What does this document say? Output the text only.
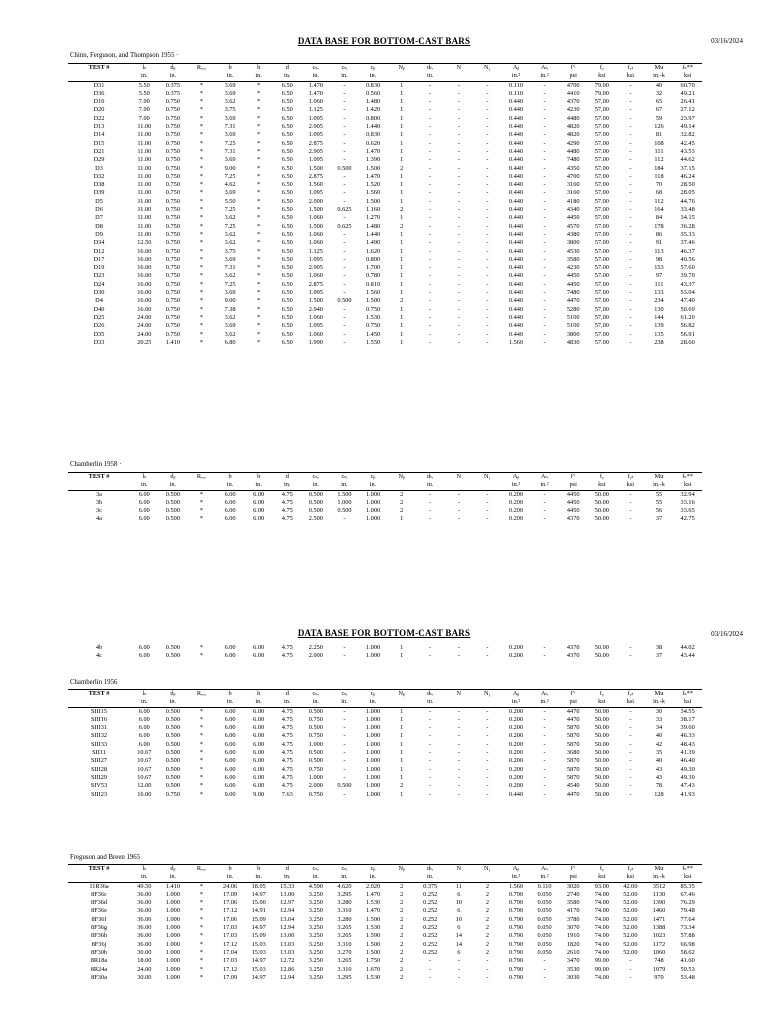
DATA BASE FOR BOTTOM-CAST BARS	03/16/2024
Chinn, Ferguson, and Thompson 1955 ·
TEST #	lₛ	dᵦ	Rᵣₒₒ	b	h	d	cₛₒ	cₛᵢ	cᵦ	Nᵦ	dₜᵣ	N	N₁	Aᵦ	Aₜᵣ	f′ᶜ	fᵧ	fᵧₜ	Mu	fₛ**
	in.	in.		in.	in.	in.	in.	in.	in.		in.			in.²	in.²	psi	ksi	ksi	in.-k	ksi
D31	5.50	0.375	*	3.69	*	6.50	1.470	-	0.830	1	-	-	-	0.110	-	4700	79.00	-	40	60.70
D36	5.50	0.375	*	3.69	*	6.50	1.470	-	0.560	1	-	-	-	0.110	-	4410	79.00	-	32	49.21
D10	7.00	0.750	*	3.62	*	6.50	1.060	-	1.480	1	-	-	-	0.440	-	4370	57.00	-	65	26.41
D20	7.00	0.750	*	3.75	*	6.50	1.125	-	1.420	1	-	-	-	0.440	-	4230	57.00	-	67	27.12
D22	7.00	0.750	*	3.69	*	6.50	1.095	-	0.800	1	-	-	-	0.440	-	4480	57.00	-	59	23.97
D13	11.00	0.750	*	7.31	*	6.50	2.905	-	1.440	1	-	-	-	0.440	-	4820	57.00	-	126	49.14
D14	11.00	0.750	*	3.69	*	6.50	1.095	-	0.830	1	-	-	-	0.440	-	4820	57.00	-	81	32.82
D15	11.00	0.750	*	7.25	*	6.50	2.875	-	0.620	1	-	-	-	0.440	-	4290	57.00	-	108	42.45
D21	11.00	0.750	*	7.31	*	6.50	2.905	-	1.470	1	-	-	-	0.440	-	4480	57.00	-	111	43.53
D29	11.00	0.750	*	3.69	*	6.50	1.095	-	1.390	1	-	-	-	0.440	-	7480	57.00	-	112	44.62
D3	11.00	0.750	*	9.00	*	6.50	1.500	0.500	1.500	2	-	-	-	0.440	-	4350	57.00	-	184	37.15
D32	11.00	0.750	*	7.25	*	6.50	2.875	-	1.470	1	-	-	-	0.440	-	4700	57.00	-	118	46.24
D38	11.00	0.750	*	4.62	*	6.50	1.560	-	1.520	1	-	-	-	0.440	-	3160	57.00	-	70	28.50
D39	11.00	0.750	*	3.69	*	6.50	1.095	-	1.560	1	-	-	-	0.440	-	3160	57.00	-	68	28.05
D5	11.00	0.750	*	5.50	*	6.50	2.000	-	1.500	1	-	-	-	0.440	-	4180	57.00	-	112	44.76
D6	11.00	0.750	*	7.25	*	6.50	1.500	0.625	1.160	2	-	-	-	0.440	-	4340	57.00	-	164	33.48
D7	11.00	0.750	*	3.62	*	6.50	1.060	-	1.270	1	-	-	-	0.440	-	4450	57.00	-	84	34.15
D8	11.00	0.750	*	7.25	*	6.50	1.500	0.625	1.480	2	-	-	-	0.440	-	4570	57.00	-	178	36.28
D9	11.00	0.750	*	3.62	*	6.50	1.060	-	1.440	1	-	-	-	0.440	-	4380	57.00	-	86	35.33
D34	12.50	0.750	*	3.62	*	6.50	1.060	-	1.490	1	-	-	-	0.440	-	3800	57.00	-	91	37.46
D12	16.00	0.750	*	3.75	*	6.50	1.125	-	1.620	1	-	-	-	0.440	-	4530	57.00	-	113	46.37
D17	16.00	0.750	*	3.69	*	6.50	1.095	-	0.800	1	-	-	-	0.440	-	3580	57.00	-	98	40.56
D19	16.00	0.750	*	7.31	*	6.50	2.905	-	1.700	1	-	-	-	0.440	-	4230	57.00	-	153	57.60
D23	16.00	0.750	*	3.62	*	6.50	1.060	-	0.780	1	-	-	-	0.440	-	4450	57.00	-	97	39.70
D24	16.00	0.750	*	7.25	*	6.50	2.875	-	0.810	1	-	-	-	0.440	-	4450	57.00	-	111	43.37
D30	16.00	0.750	*	3.69	*	6.50	1.095	-	1.560	1	-	-	-	0.440	-	7480	57.00	-	133	53.04
D4	16.00	0.750	*	9.00	*	6.50	1.500	0.500	1.500	2	-	-	-	0.440	-	4470	57.00	-	234	47.40
D40	16.00	0.750	*	7.38	*	6.50	2.940	-	0.750	1	-	-	-	0.440	-	5280	57.00	-	130	50.69
D25	24.00	0.750	*	3.62	*	6.50	1.060	-	1.530	1	-	-	-	0.440	-	5100	57.00	-	144	61.20
D26	24.00	0.750	*	3.69	*	6.50	1.095	-	0.750	1	-	-	-	0.440	-	5100	57.00	-	139	56.82
D35	24.00	0.750	*	3.62	*	6.50	1.060	-	1.450	1	-	-	-	0.440	-	3800	57.00	-	135	56.91
D33	20.25	1.410	*	6.80	*	6.50	1.990	-	1.550	1	-	-	-	1.560	-	4830	57.00	-	238	28.60
Chamberlin 1958 ·
TEST #	lₛ	dᵦ	Rᵣₒₒ	b	h	d	cₛₒ	cₛᵢ	cᵦ	Nᵦ	dₜᵣ	N	N₁	Aᵦ	Aₜᵣ	f′ᶜ	fᵧ	fᵧₜ	Mu	fₛ**
	in.	in.		in.	in.	in.	in.	in.	in.		in.			in.²	in.²	psi	ksi	ksi	in.-k	ksi
3a	6.00	0.500	*	6.00	6.00	4.75	0.500	1.500	1.000	2	-	-	-	0.200	-	4450	50.00	-	55	32.94
3b	6.00	0.500	*	6.00	6.00	4.75	0.500	1.000	1.000	2	-	-	-	0.200	-	4450	50.00	-	55	33.16
3c	6.00	0.500	*	6.00	6.00	4.75	0.500	0.500	1.000	2	-	-	-	0.200	-	4450	50.00	-	56	33.65
4a	6.00	0.500	*	6.00	6.00	4.75	2.500	-	1.000	1	-	-	-	0.200	-	4370	50.00	-	37	42.75
DATA BASE FOR BOTTOM-CAST BARS	03/16/2024
4b	6.00	0.500	*	6.00	6.00	4.75	2.250	-	1.000	1	-	-	-	0.200	-	4370	50.00	-	38	44.02
4c	6.00	0.500	*	6.00	6.00	4.75	2.000	-	1.000	1	-	-	-	0.200	-	4370	50.00	-	37	43.44
Chamberlin 1956
TEST #	lₛ	dᵦ	Rᵣₒₒ	b	h	d	cₛₒ	cₛᵢ	cᵦ	Nᵦ	dₜᵣ	N	N₁	Aᵦ	Aₜᵣ	f′ᶜ	fᵧ	fᵧₜ	Mu	fₛ**
	in.	in.		in.	in.	in.	in.	in.	in.		in.			in.²	in.²	psi	ksi	ksi	in.-k	ksi
SIII15	6.00	0.500	*	6.00	6.00	4.75	0.500	-	1.000	1	-	-	-	0.200	-	4470	50.00	-	30	34.55
SIII16	6.00	0.500	*	6.00	6.00	4.75	0.750	-	1.000	1	-	-	-	0.200	-	4470	50.00	-	33	38.17
SIII31	6.00	0.500	*	6.00	6.00	4.75	0.500	-	1.000	1	-	-	-	0.200	-	5870	50.00	-	34	39.60
SIII32	6.00	0.500	*	6.00	6.00	4.75	0.750	-	1.000	1	-	-	-	0.200	-	5870	50.00	-	40	46.33
SIII33	6.00	0.500	*	6.00	6.00	4.75	1.000	-	1.000	1	-	-	-	0.200	-	5870	50.00	-	42	48.43
SII11	10.67	0.500	*	6.00	6.00	4.75	0.500	-	1.000	1	-	-	-	0.200	-	3680	50.00	-	35	41.39
SIII27	10.67	0.500	*	6.00	6.00	4.75	0.500	-	1.000	1	-	-	-	0.200	-	5870	50.00	-	40	46.40
SIII28	10.67	0.500	*	6.00	6.00	4.75	0.750	-	1.000	1	-	-	-	0.200	-	5870	50.00	-	43	49.30
SIII29	10.67	0.500	*	6.00	6.00	4.75	1.000	-	1.000	1	-	-	-	0.200	-	5870	50.00	-	43	49.30
SIV53	12.00	0.500	*	6.00	6.00	4.75	2.000	0.500	1.000	2	-	-	-	0.200	-	4540	50.00	-	78	47.43
SIII23	16.00	0.750	*	9.00	9.00	7.63	0.750	-	1.000	1	-	-	-	0.440	-	4470	50.00	-	128	41.93
Freguson and Breen 1965
TEST #	lₛ	dᵦ	Rᵣₒₒ	b	h	d	cₛₒ	cₛᵢ	cᵦ	Nᵦ	dₜᵣ	N	N₁	Aᵦ	Aₜᵣ	f′ᶜ	fᵧ	fᵧₜ	Mu	fₛ**
	in.	in.		in.	in.	in.	in.	in.	in.		in.			in.²	in.²	psi	ksi	ksi	in.-k	ksi
11R36a	49.50	1.410	*	24.06	18.05	15.33	4.590	4.620	2.020	2	0.375	11	2	1.560	0.110	3020	93.00	42.00	3512	85.35
8F36c	36.00	1.000	*	17.09	14.97	13.00	3.250	3.295	1.470	2	0.252	6	2	0.790	0.050	2740	74.00	52.00	1130	67.46
8F36d	36.00	1.000	*	17.06	15.00	12.97	3.250	3.280	1.530	2	0.252	10	2	0.790	0.050	3580	74.00	52.00	1390	76.29
8F36e	36.00	1.000	*	17.12	14.91	12.94	3.250	3.310	1.470	2	0.252	6	2	0.790	0.050	4170	74.00	52.00	1460	79.48
8F36f	36.00	1.000	*	17.06	15.09	13.04	3.250	3.280	1.500	2	0.252	10	2	0.790	0.050	3780	74.00	52.00	1471	77.64
8F36g	36.00	1.000	*	17.03	14.97	12.94	3.250	3.265	1.530	2	0.252	6	2	0.790	0.050	3070	74.00	52.00	1388	73.34
8F36h	36.00	1.000	*	17.03	15.09	13.00	3.250	3.265	1.590	2	0.252	14	2	0.790	0.050	1910	74.00	52.00	1023	57.88
8F36j	36.00	1.000	*	17.12	15.03	13.03	3.250	3.310	1.500	2	0.252	14	2	0.790	0.050	1820	74.00	52.00	1172	66.98
8F30b	30.00	1.000	*	17.04	15.03	13.03	3.250	3.270	1.500	2	0.252	6	2	0.790	0.050	2610	74.00	52.00	1060	58.62
8R18a	18.00	1.000	*	17.03	14.97	12.72	3.250	3.265	1.750	2	-	-	-	0.790	-	3470	99.00	-	748	41.60
8R24a	24.00	1.000	*	17.12	15.03	12.86	3.250	3.310	1.670	2	-	-	-	0.790	-	3530	99.00	-	1079	59.53
8F30a	30.00	1.000	*	17.09	14.97	12.94	3.250	3.295	1.530	2	-	-	-	0.790	-	3030	74.00	-	970	53.48
